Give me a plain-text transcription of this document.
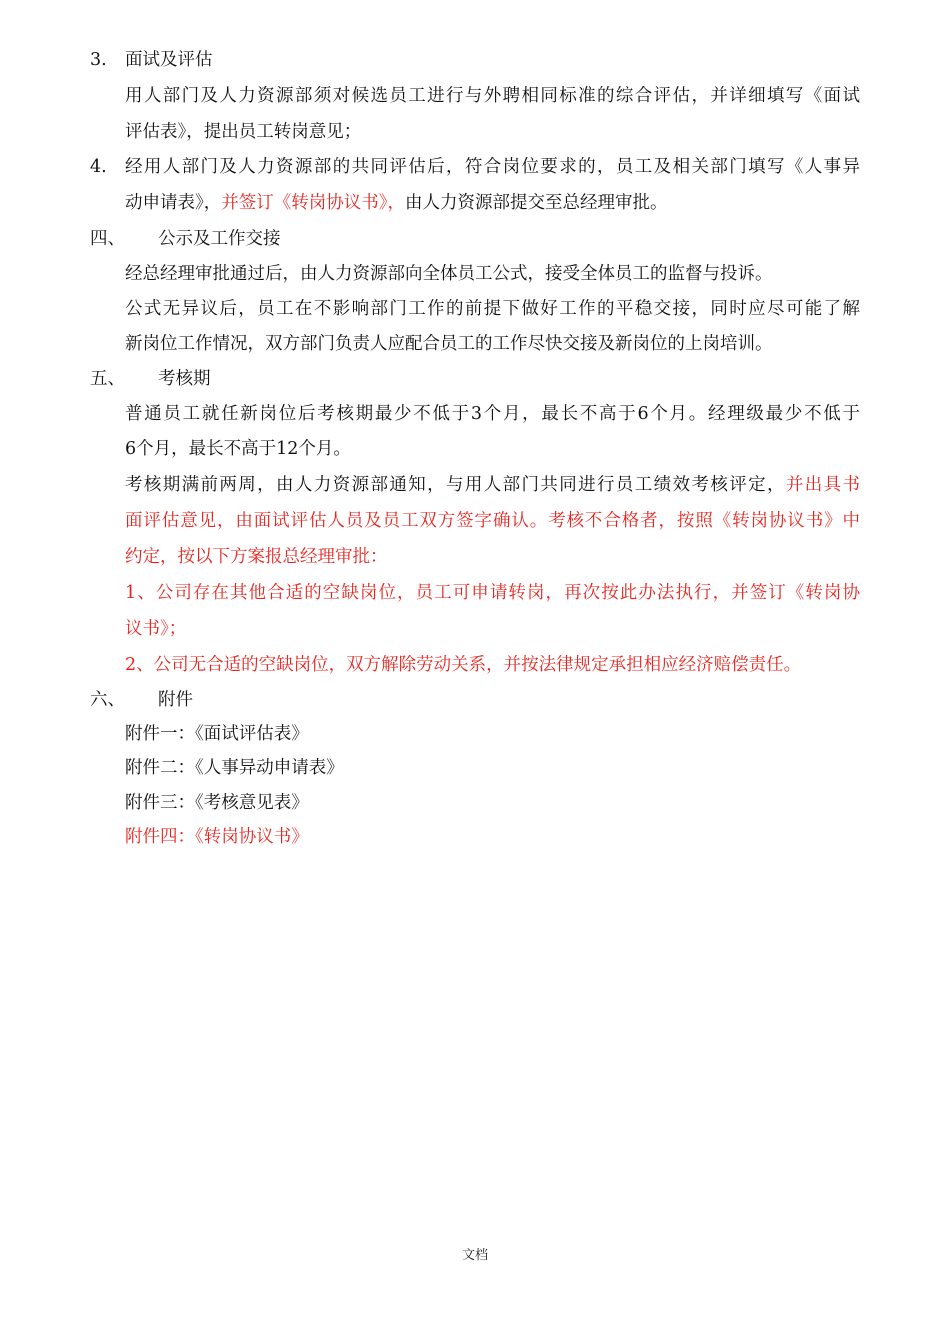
3. 面试及评估
用人部门及人力资源部须对候选员工进行与外聘相同标准的综合评估，并详细填写《面试
评估表》，提出员工转岗意见；
4. 经用人部门及人力资源部的共同评估后，符合岗位要求的，员工及相关部门填写《人事异
动申请表》，并签订《转岗协议书》，由人力资源部提交至总经理审批。
四、 公示及工作交接
经总经理审批通过后，由人力资源部向全体员工公式，接受全体员工的监督与投诉。
公式无异议后，员工在不影响部门工作的前提下做好工作的平稳交接，同时应尽可能了解
新岗位工作情况，双方部门负责人应配合员工的工作尽快交接及新岗位的上岗培训。
五、 考核期
普通员工就任新岗位后考核期最少不低于3个月，最长不高于6个月。经理级最少不低于
6个月，最长不高于12个月。
考核期满前两周，由人力资源部通知，与用人部门共同进行员工绩效考核评定，并出具书
面评估意见，由面试评估人员及员工双方签字确认。考核不合格者，按照《转岗协议书》中
约定，按以下方案报总经理审批：
1、公司存在其他合适的空缺岗位，员工可申请转岗，再次按此办法执行，并签订《转岗协
议书》；
2、公司无合适的空缺岗位，双方解除劳动关系，并按法律规定承担相应经济赔偿责任。
六、 附件
附件一：《面试评估表》
附件二：《人事异动申请表》
附件三：《考核意见表》
附件四：《转岗协议书》
文档
